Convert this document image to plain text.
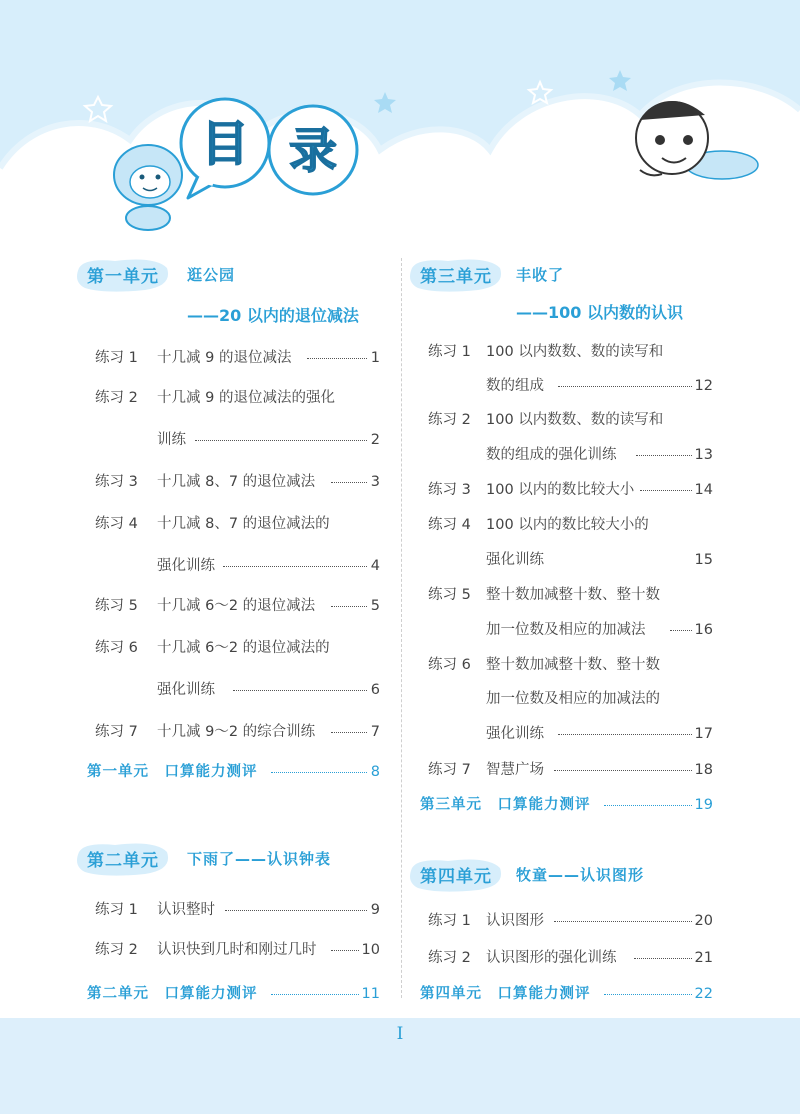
目 录
第一单元 逛公园
——20 以内的退位减法
练习 1 十几减 9 的退位减法	1
练习 2 十几减 9 的退位减法的强化
训练	2
练习 3 十几减 8、7 的退位减法	3
练习 4 十几减 8、7 的退位减法的
强化训练	4
练习 5 十几减 6～2 的退位减法	5
练习 6 十几减 6～2 的退位减法的
强化训练	6
练习 7 十几减 9～2 的综合训练	7
第一单元　口算能力测评	8
第二单元 下雨了——认识钟表
练习 1 认识整时	9
练习 2 认识快到几时和刚过几时	10
第二单元　口算能力测评	11
第三单元 丰收了
——100 以内数的认识
练习 1 100 以内数数、数的读写和
数的组成	12
练习 2 100 以内数数、数的读写和
数的组成的强化训练	13
练习 3 100 以内的数比较大小	14
练习 4 100 以内的数比较大小的
强化训练	15
练习 5 整十数加减整十数、整十数
加一位数及相应的加减法	16
练习 6 整十数加减整十数、整十数
加一位数及相应的加减法的
强化训练	17
练习 7 智慧广场	18
第三单元　口算能力测评	19
第四单元 牧童——认识图形
练习 1 认识图形	20
练习 2 认识图形的强化训练	21
第四单元　口算能力测评	22
I
